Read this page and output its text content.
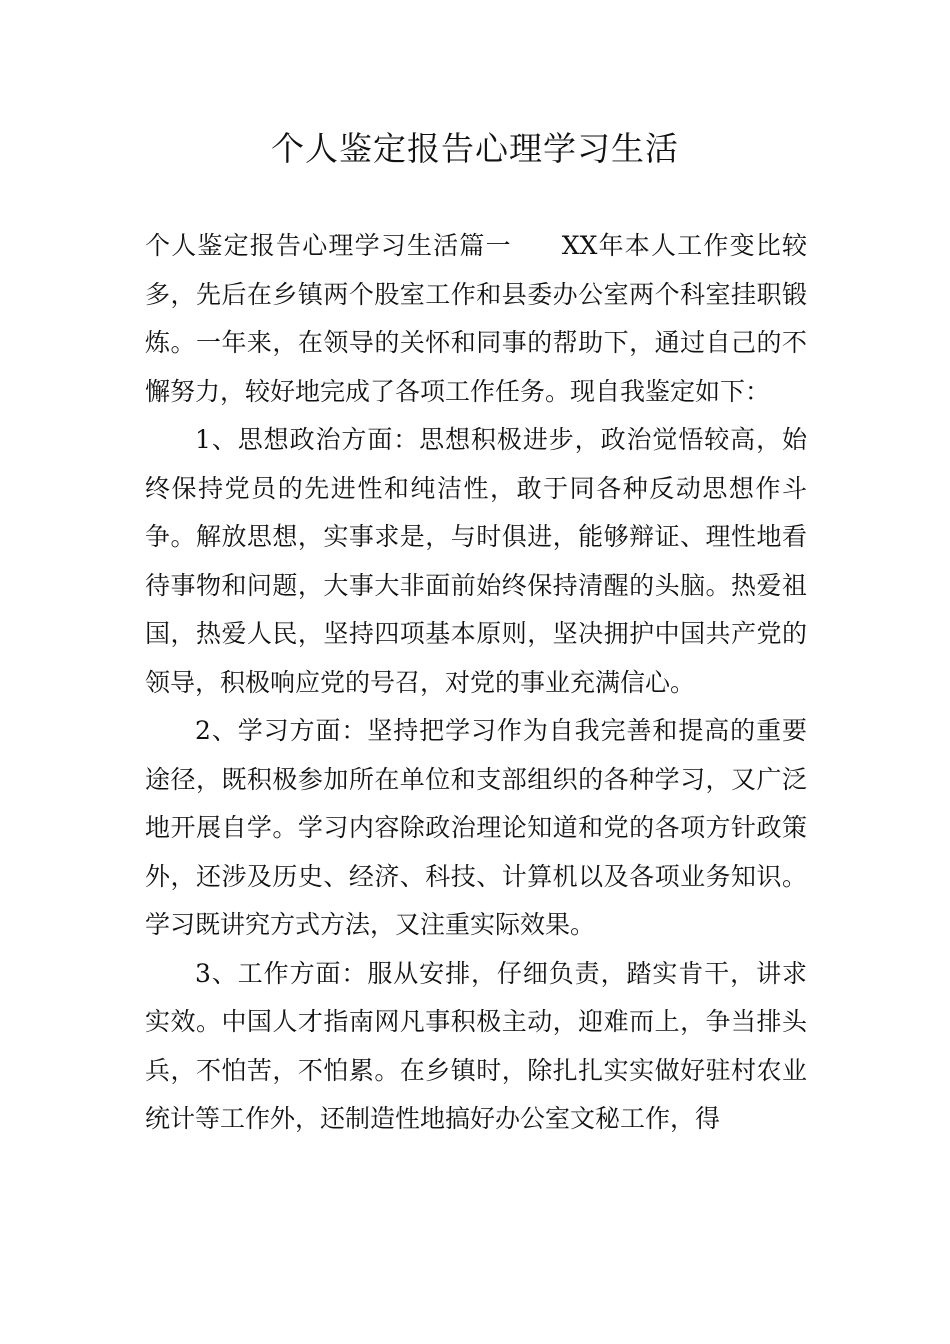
个人鉴定报告心理学习生活

个人鉴定报告心理学习生活篇一 XX年本人工作变比较多，先后在乡镇两个股室工作和县委办公室两个科室挂职锻炼。一年来，在领导的关怀和同事的帮助下，通过自己的不懈努力，较好地完成了各项工作任务。现自我鉴定如下：

1、思想政治方面：思想积极进步，政治觉悟较高，始终保持党员的先进性和纯洁性，敢于同各种反动思想作斗争。解放思想，实事求是，与时俱进，能够辩证、理性地看待事物和问题，大事大非面前始终保持清醒的头脑。热爱祖国，热爱人民，坚持四项基本原则，坚决拥护中国共产党的领导，积极响应党的号召，对党的事业充满信心。

2、学习方面：坚持把学习作为自我完善和提高的重要途径，既积极参加所在单位和支部组织的各种学习，又广泛地开展自学。学习内容除政治理论知道和党的各项方针政策外，还涉及历史、经济、科技、计算机以及各项业务知识。学习既讲究方式方法，又注重实际效果。

3、工作方面：服从安排，仔细负责，踏实肯干，讲求实效。中国人才指南网凡事积极主动，迎难而上，争当排头兵，不怕苦，不怕累。在乡镇时，除扎扎实实做好驻村农业统计等工作外，还制造性地搞好办公室文秘工作，得
